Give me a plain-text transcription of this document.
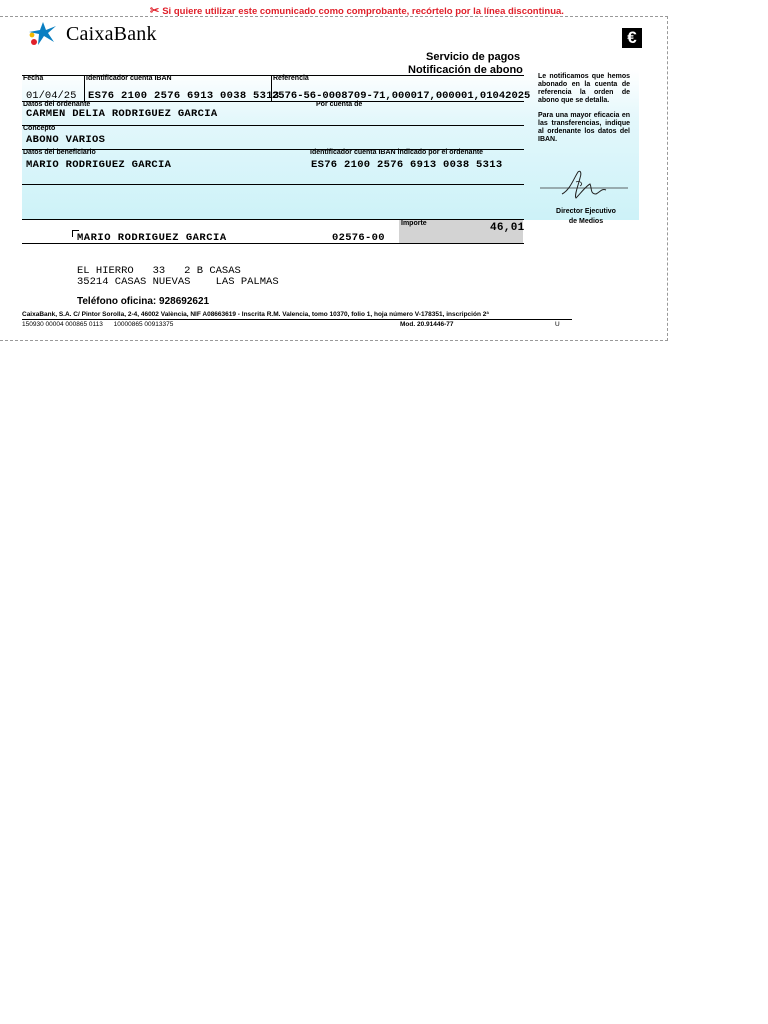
✂ Si quiere utilizar este comunicado como comprobante, recórtelo por la línea discontinua.
CaixaBank	€
Servicio de pagos
Notificación de abono
Fecha
01/04/25
Identificador cuenta IBAN
ES76 2100 2576 6913 0038 5313
Referencia
2576-56-0008709-71,000017,000001,01042025
Datos del ordenante	Por cuenta de
CARMEN DELIA RODRIGUEZ GARCIA
Concepto
ABONO VARIOS
Datos del beneficiario	Identificador cuenta IBAN indicado por el ordenante
MARIO RODRIGUEZ GARCIA	ES76 2100 2576 6913 0038 5313
Importe	46,01

Le notificamos que hemos abonado en la cuenta de referencia la orden de abono que se detalla.

Para una mayor eficacia en las transferencias, indique al ordenante los datos del IBAN.

Director Ejecutivo
de Medios
MARIO RODRIGUEZ GARCIA	02576-00
EL HIERRO   33   2 B CASAS
35214 CASAS NUEVAS    LAS PALMAS
Teléfono oficina: 928692621
CaixaBank, S.A. C/ Pintor Sorolla, 2-4, 46002 València, NIF A08663619 - Inscrita R.M. Valencia, tomo 10370, folio 1, hoja número V-178351, inscripción 2ª
150930 00004 000865 0113      10000865 00913375	Mod. 20.91446-77	U
